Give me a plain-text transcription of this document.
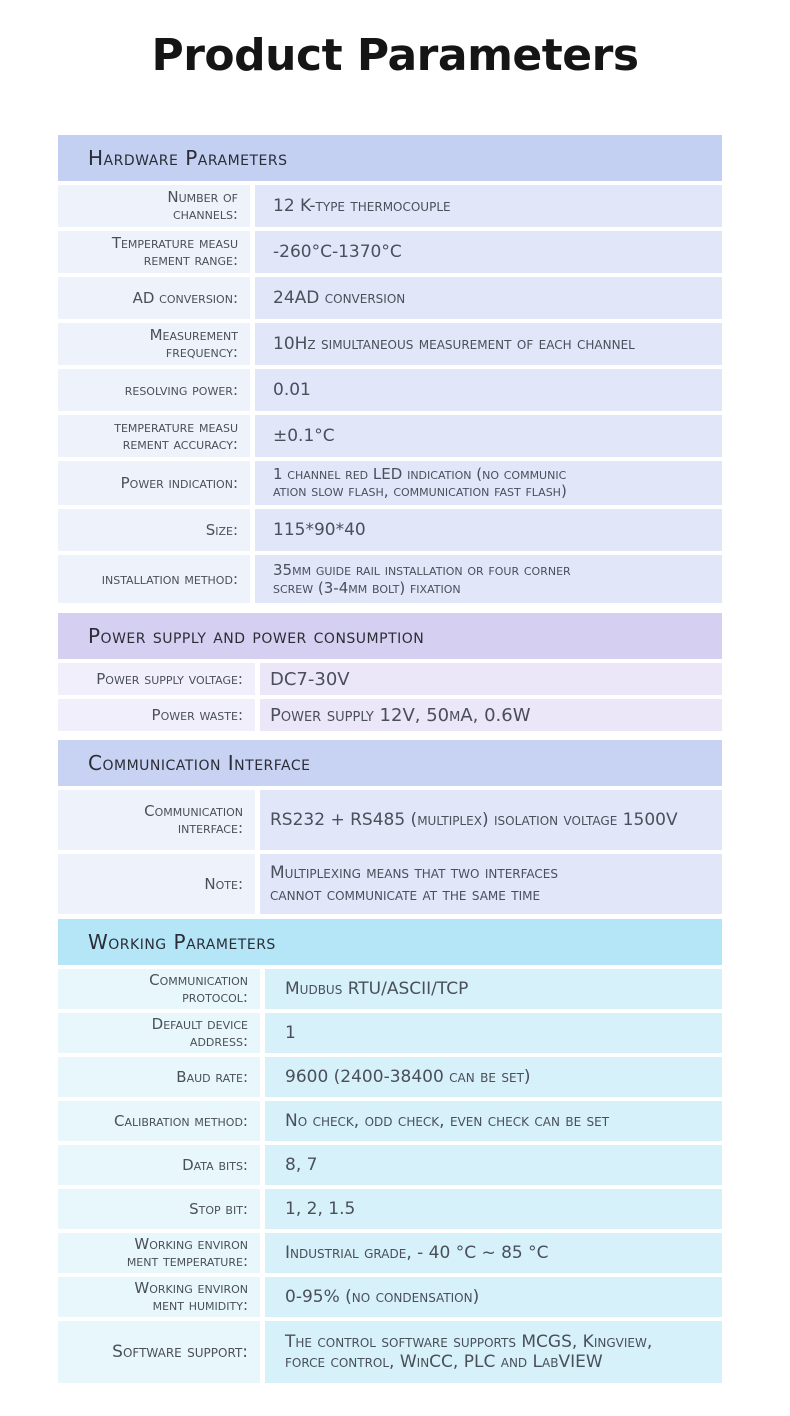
Product Parameters
Hardware Parameters
Number of
channels: 12 K-type thermocouple
Temperature measu
rement range: -260°C-1370°C
AD conversion: 24AD conversion
Measurement
frequency: 10Hz simultaneous measurement of each channel
resolving power: 0.01
temperature measu
rement accuracy: ±0.1°C
Power indication: 1 channel red LED indication (no communic
ation slow flash, communication fast flash)
Size: 115*90*40
installation method: 35mm guide rail installation or four corner
screw (3-4mm bolt) fixation
Power supply and power consumption
Power supply voltage: DC7-30V
Power waste: Power supply 12V, 50mA, 0.6W
Communication Interface
Communication
interface: RS232 + RS485 (multiplex) isolation voltage 1500V
Note:
Multiplexing means that two interfaces
cannot communicate at the same time
Working Parameters
Communication
protocol: Mudbus RTU/ASCII/TCP
Default device
address: 1
Baud rate: 9600 (2400-38400 can be set)
Calibration method: No check, odd check, even check can be set
Data bits: 8, 7
Stop bit: 1, 2, 1.5
Working environ
ment temperature: Industrial grade, - 40 °C ~ 85 °C
Working environ
ment humidity: 0-95% (no condensation)
Software support: The control software supports MCGS, Kingview,
force control, WinCC, PLC and LabVIEW
